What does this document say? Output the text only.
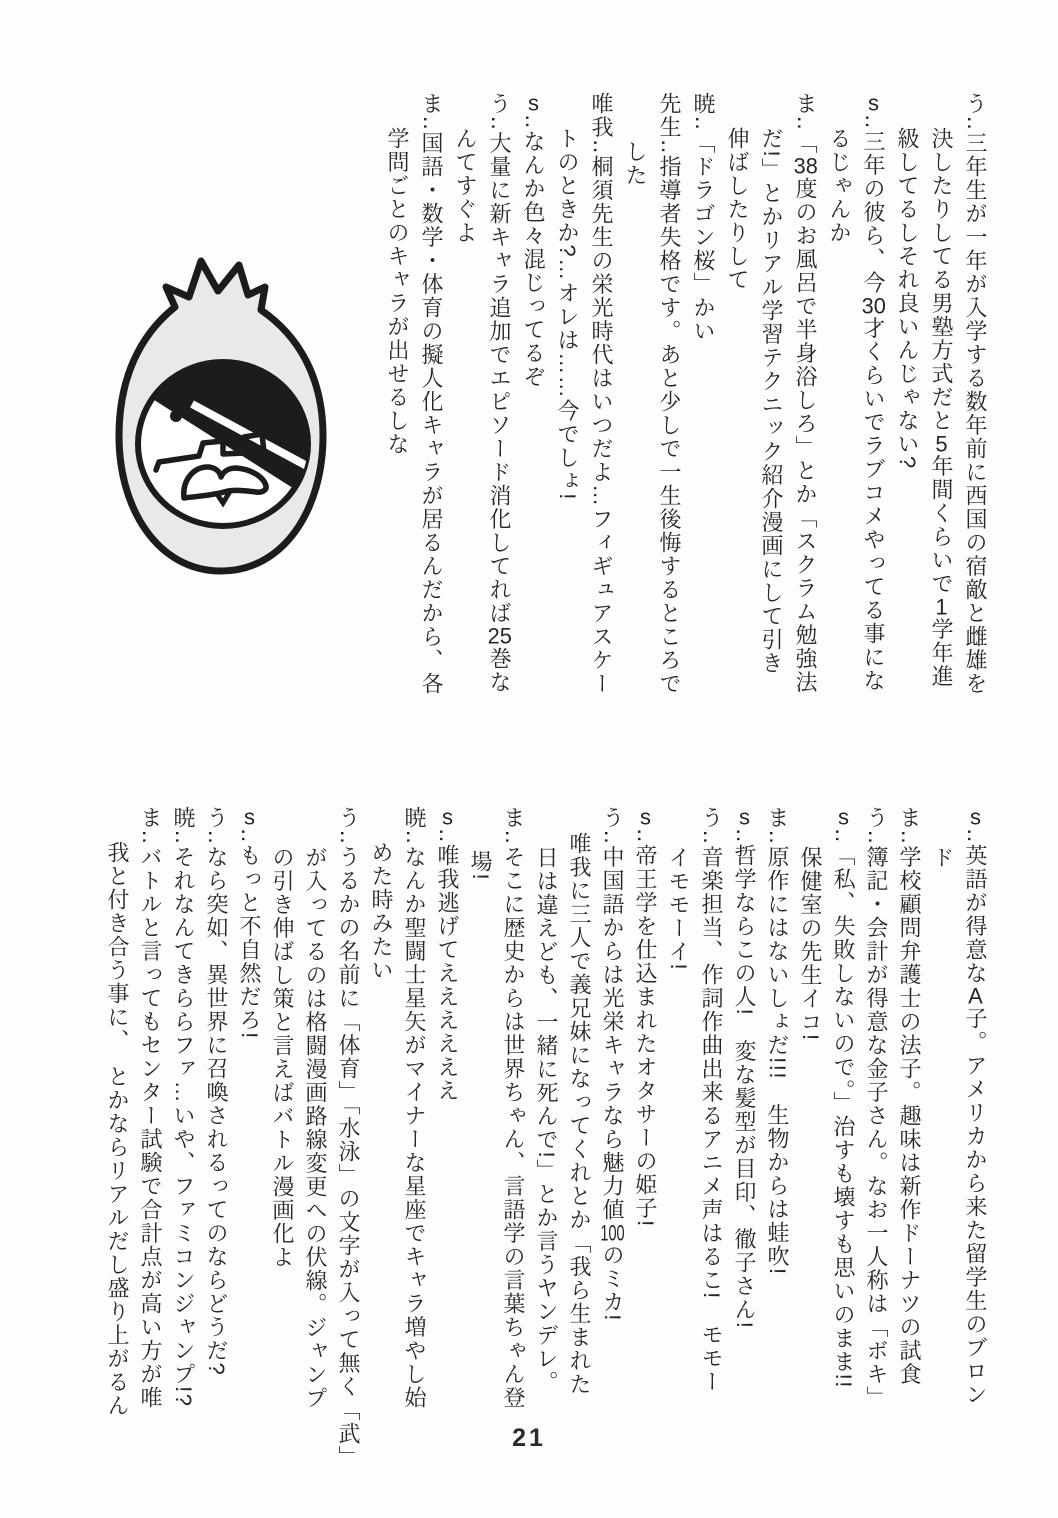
う‥三年生が一年が入学する数年前に西国の宿敵と雌雄を
決したりしてる男塾方式だと5年間くらいで1学年進
級してるしそれ良いんじゃない?
s‥三年の彼ら、今30才くらいでラブコメやってる事にな
るじゃんか
ま‥「38度のお風呂で半身浴しろ」とか「スクラム勉強法
だ!」とかリアル学習テクニック紹介漫画にして引き
伸ばしたりして
暁‥「ドラゴン桜」かい
先生‥指導者失格です。あと少しで一生後悔するところで
した
唯我‥桐須先生の栄光時代はいつだよ…フィギュアスケー
トのときか?…オレは……今でしょ!
s‥なんか色々混じってるぞ
う‥大量に新キャラ追加でエピソード消化してれば25巻な
んてすぐよ
ま‥国語・数学・体育の擬人化キャラが居るんだから、各
学問ごとのキャラが出せるしな
s‥英語が得意なA子。アメリカから来た留学生のブロン
ド
ま‥学校顧問弁護士の法子。趣味は新作ドーナツの試食
う‥簿記・会計が得意な金子さん。なお一人称は「ボキ」
s‥「私、失敗しないので。」治すも壊すも思いのまま!!
保健室の先生イコ!
ま‥原作にはないしょだ!!!　生物からは蛙吹!
s‥哲学ならこの人!　変な髪型が目印、徹子さん!
う‥音楽担当、作詞作曲出来るアニメ声はるこ!　モモー
イモモーイ!
s‥帝王学を仕込まれたオタサーの姫子!
う‥中国語からは光栄キャラなら魅力値100のミカ!
唯我に三人で義兄妹になってくれとか「我ら生まれた
日は違えども、一緒に死んで!」とか言うヤンデレ。
ま‥そこに歴史からは世界ちゃん、言語学の言葉ちゃん登
場!
s‥唯我逃げてええええええ
暁‥なんか聖闘士星矢がマイナーな星座でキャラ増やし始
めた時みたい
う‥うるかの名前に「体育」「水泳」の文字が入って無く「武」
が入ってるのは格闘漫画路線変更への伏線。ジャンプ
の引き伸ばし策と言えばバトル漫画化よ
s‥もっと不自然だろ!
う‥なら突如、異世界に召喚されるってのならどうだ?
暁‥それなんてきららファ…いや、ファミコンジャンプ!?
ま‥バトルと言ってもセンター試験で合計点が高い方が唯
我と付き合う事に、　とかならリアルだし盛り上がるん
21
